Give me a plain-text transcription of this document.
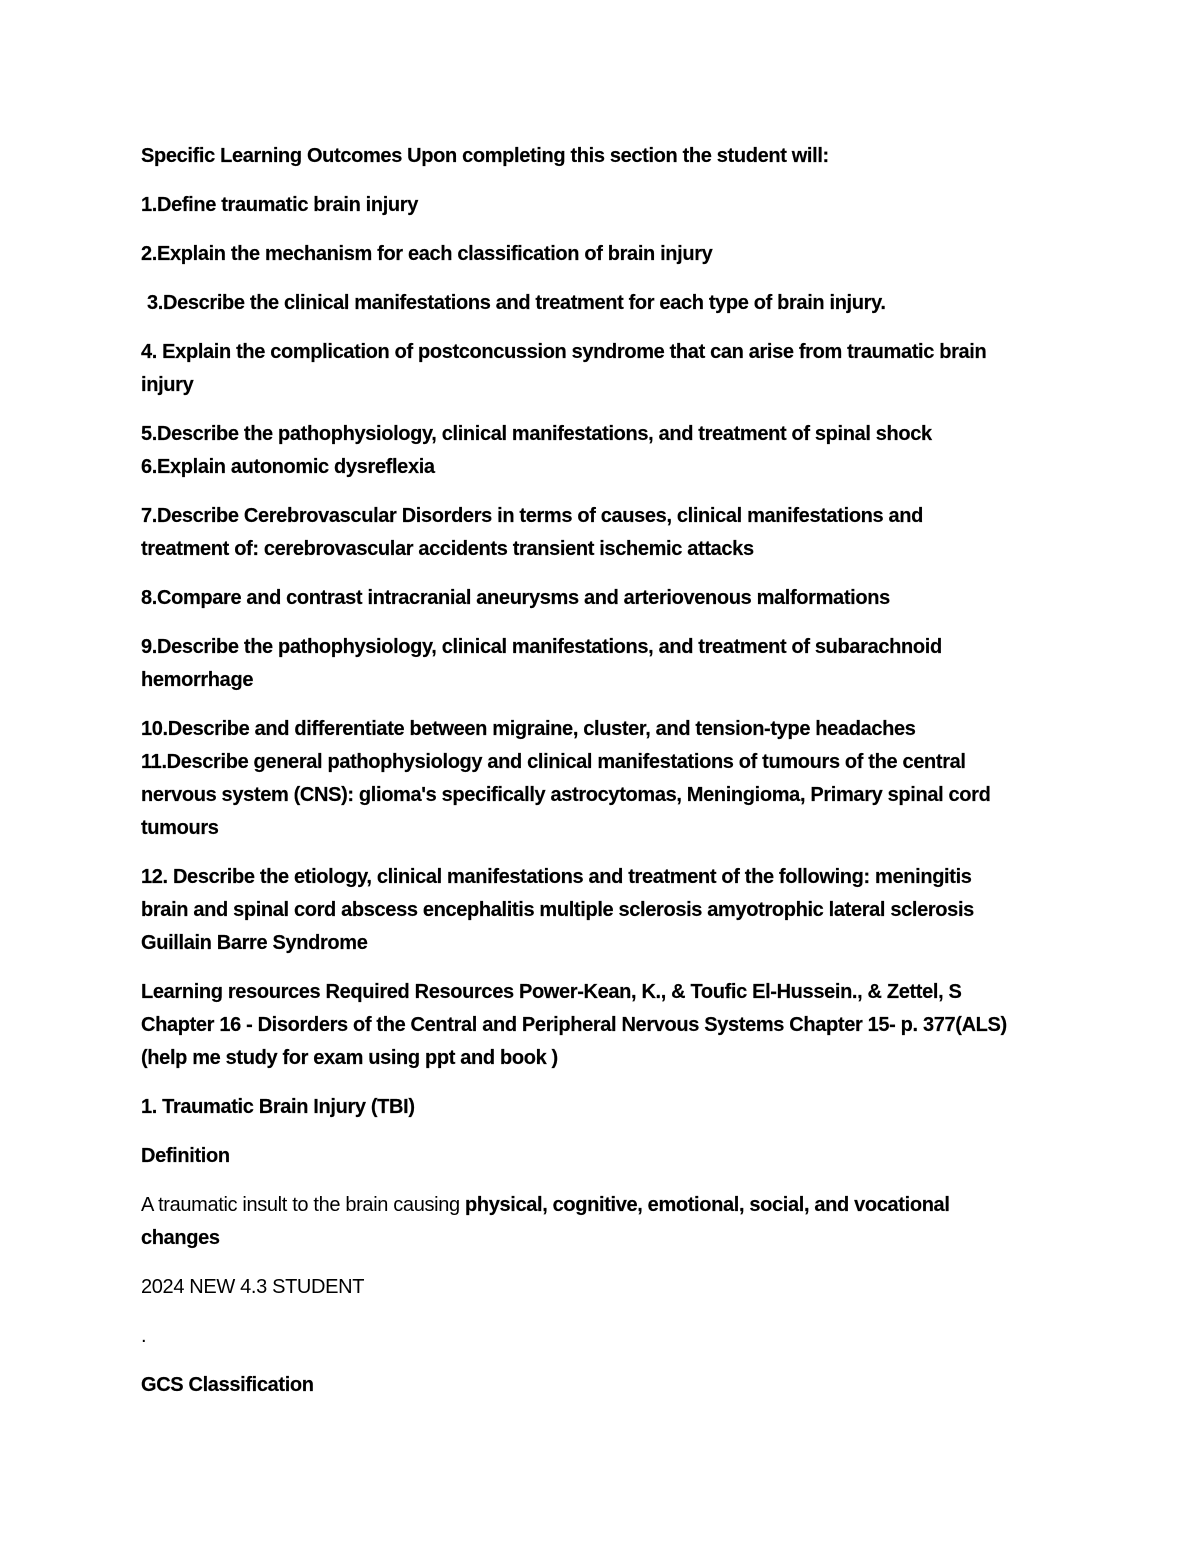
Specific Learning Outcomes Upon completing this section the student will:

1.Define traumatic brain injury

2.Explain the mechanism for each classification of brain injury

3.Describe the clinical manifestations and treatment for each type of brain injury.

4. Explain the complication of postconcussion syndrome that can arise from traumatic brain
injury

5.Describe the pathophysiology, clinical manifestations, and treatment of spinal shock
6.Explain autonomic dysreflexia

7.Describe Cerebrovascular Disorders in terms of causes, clinical manifestations and
treatment of: cerebrovascular accidents transient ischemic attacks

8.Compare and contrast intracranial aneurysms and arteriovenous malformations

9.Describe the pathophysiology, clinical manifestations, and treatment of subarachnoid
hemorrhage

10.Describe and differentiate between migraine, cluster, and tension-type headaches
11.Describe general pathophysiology and clinical manifestations of tumours of the central
nervous system (CNS): glioma's specifically astrocytomas, Meningioma, Primary spinal cord
tumours

12. Describe the etiology, clinical manifestations and treatment of the following: meningitis
brain and spinal cord abscess encephalitis multiple sclerosis amyotrophic lateral sclerosis
Guillain Barre Syndrome

Learning resources Required Resources Power-Kean, K., & Toufic El-Hussein., & Zettel, S
Chapter 16 - Disorders of the Central and Peripheral Nervous Systems Chapter 15- p. 377(ALS)
(help me study for exam using ppt and book )

1. Traumatic Brain Injury (TBI)

Definition

A traumatic insult to the brain causing physical, cognitive, emotional, social, and vocational
changes

2024 NEW 4.3 STUDENT

.

GCS Classification
